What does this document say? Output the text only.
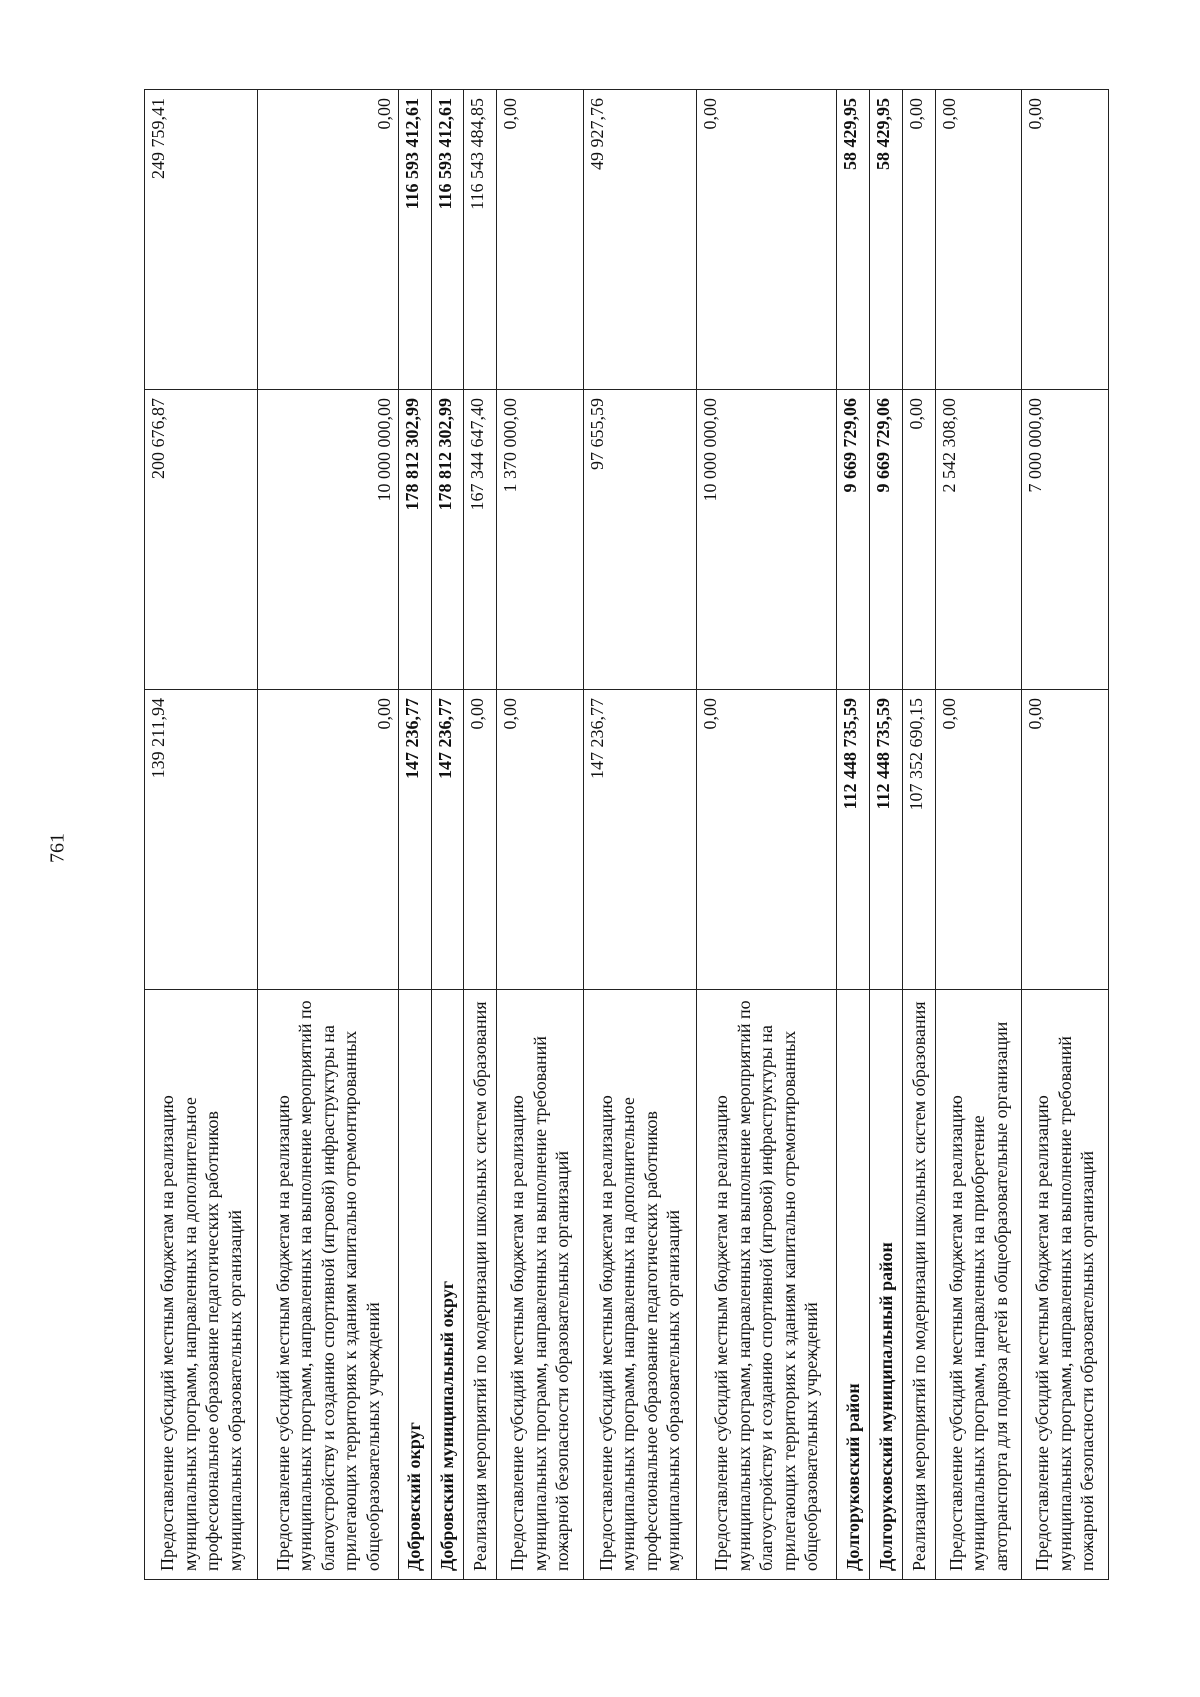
761
Предоставление субсидий местным бюджетам на реализацию муниципальных программ, направленных на дополнительное профессиональное образование педагогических работников муниципальных образовательных организаций	139 211,94	200 676,87	249 759,41
Предоставление субсидий местным бюджетам на реализацию муниципальных программ, направленных на выполнение мероприятий по благоустройству и созданию спортивной (игровой) инфраструктуры на прилегающих территориях к зданиям капитально отремонтированных общеобразовательных учреждений	0,00	10 000 000,00	0,00
Добровский округ	147 236,77	178 812 302,99	116 593 412,61
Добровский муниципальный округ	147 236,77	178 812 302,99	116 593 412,61
Реализация мероприятий по модернизации школьных систем образования	0,00	167 344 647,40	116 543 484,85
Предоставление субсидий местным бюджетам на реализацию муниципальных программ, направленных на выполнение требований пожарной безопасности образовательных организаций	0,00	1 370 000,00	0,00
Предоставление субсидий местным бюджетам на реализацию муниципальных программ, направленных на дополнительное профессиональное образование педагогических работников муниципальных образовательных организаций	147 236,77	97 655,59	49 927,76
Предоставление субсидий местным бюджетам на реализацию муниципальных программ, направленных на выполнение мероприятий по благоустройству и созданию спортивной (игровой) инфраструктуры на прилегающих территориях к зданиям капитально отремонтированных общеобразовательных учреждений	0,00	10 000 000,00	0,00
Долгоруковский район	112 448 735,59	9 669 729,06	58 429,95
Долгоруковский муниципальный район	112 448 735,59	9 669 729,06	58 429,95
Реализация мероприятий по модернизации школьных систем образования	107 352 690,15	0,00	0,00
Предоставление субсидий местным бюджетам на реализацию муниципальных программ, направленных на приобретение автотранспорта для подвоза детей в общеобразовательные организации	0,00	2 542 308,00	0,00
Предоставление субсидий местным бюджетам на реализацию муниципальных программ, направленных на выполнение требований пожарной безопасности образовательных организаций	0,00	7 000 000,00	0,00
